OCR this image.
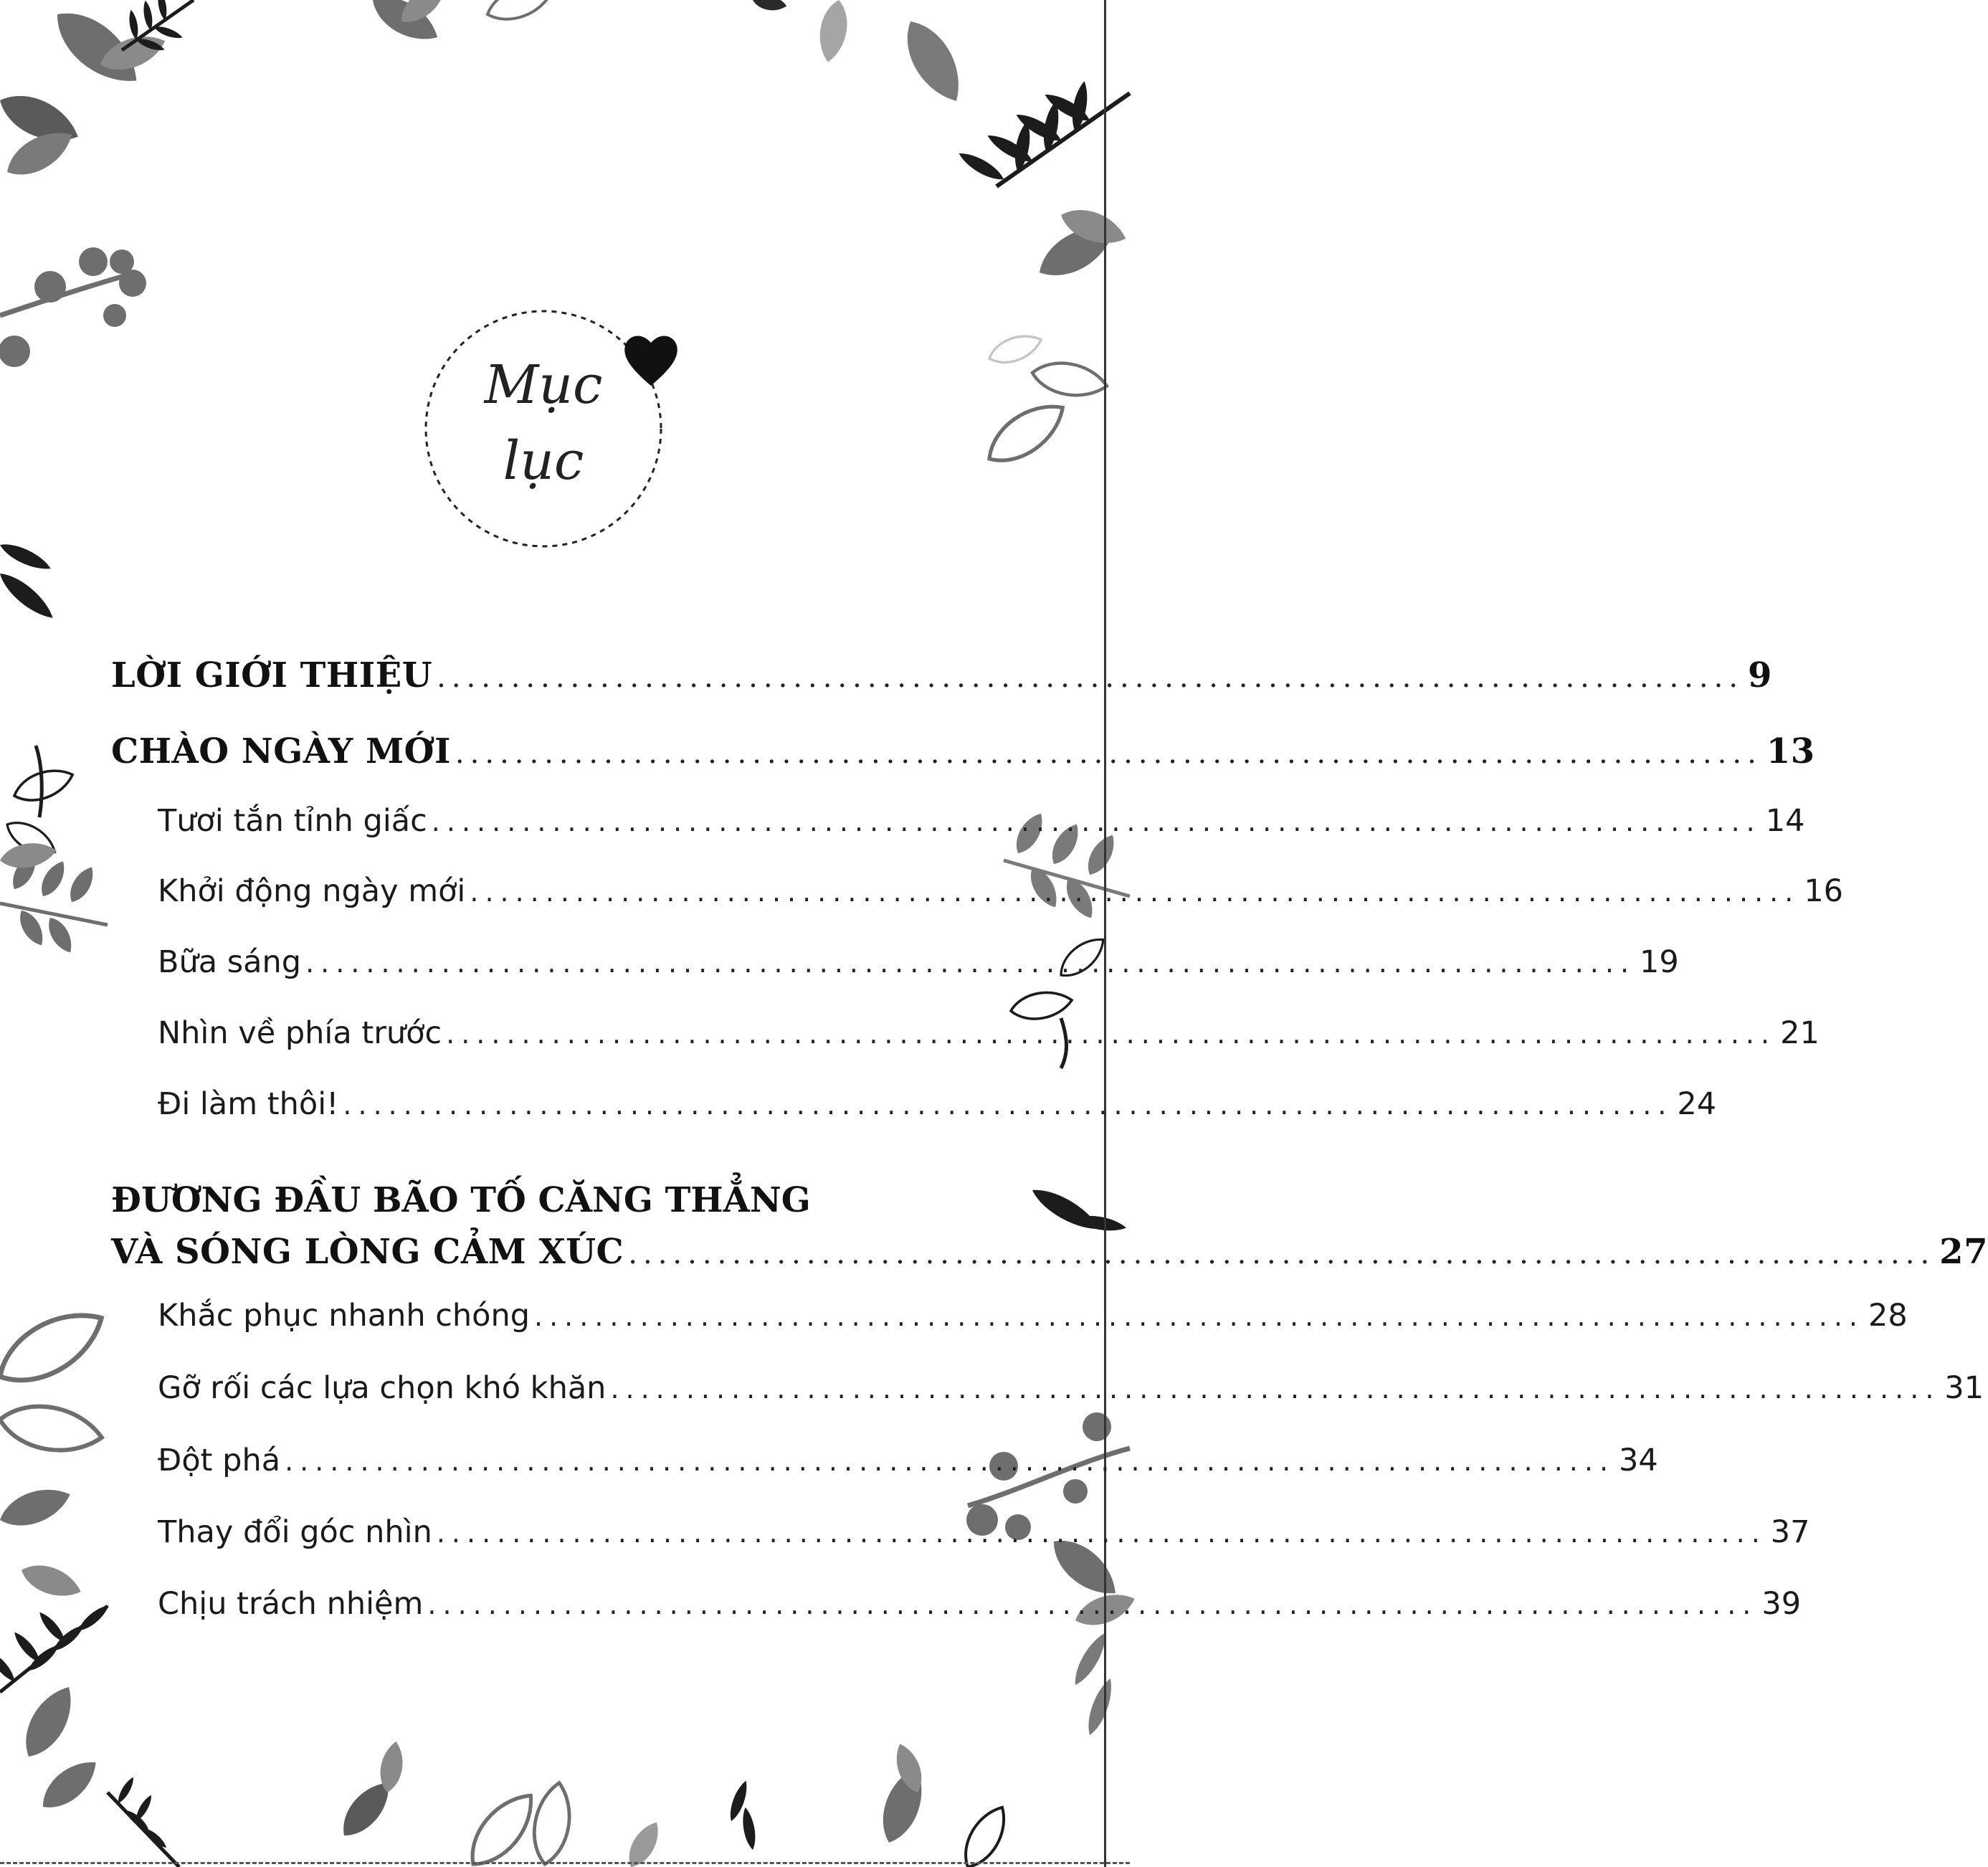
Mục
lục
LỜI GIỚI THIỆU ........................................................................................ 9
CHÀO NGÀY MỚI ........................................................................................ 13
Tươi tắn tỉnh giấc ........................................................................................ 14
Khởi động ngày mới ........................................................................................ 16
Bữa sáng ........................................................................................ 19
Nhìn về phía trước ........................................................................................ 21
Đi làm thôi! ........................................................................................ 24
ĐƯƠNG ĐẦU BÃO TỐ CĂNG THẲNG
VÀ SÓNG LÒNG CẢM XÚC ........................................................................................ 27
Khắc phục nhanh chóng ........................................................................................ 28
Gỡ rối các lựa chọn khó khăn ........................................................................................ 31
Đột phá ........................................................................................ 34
Thay đổi góc nhìn ........................................................................................ 37
Chịu trách nhiệm ........................................................................................ 39
